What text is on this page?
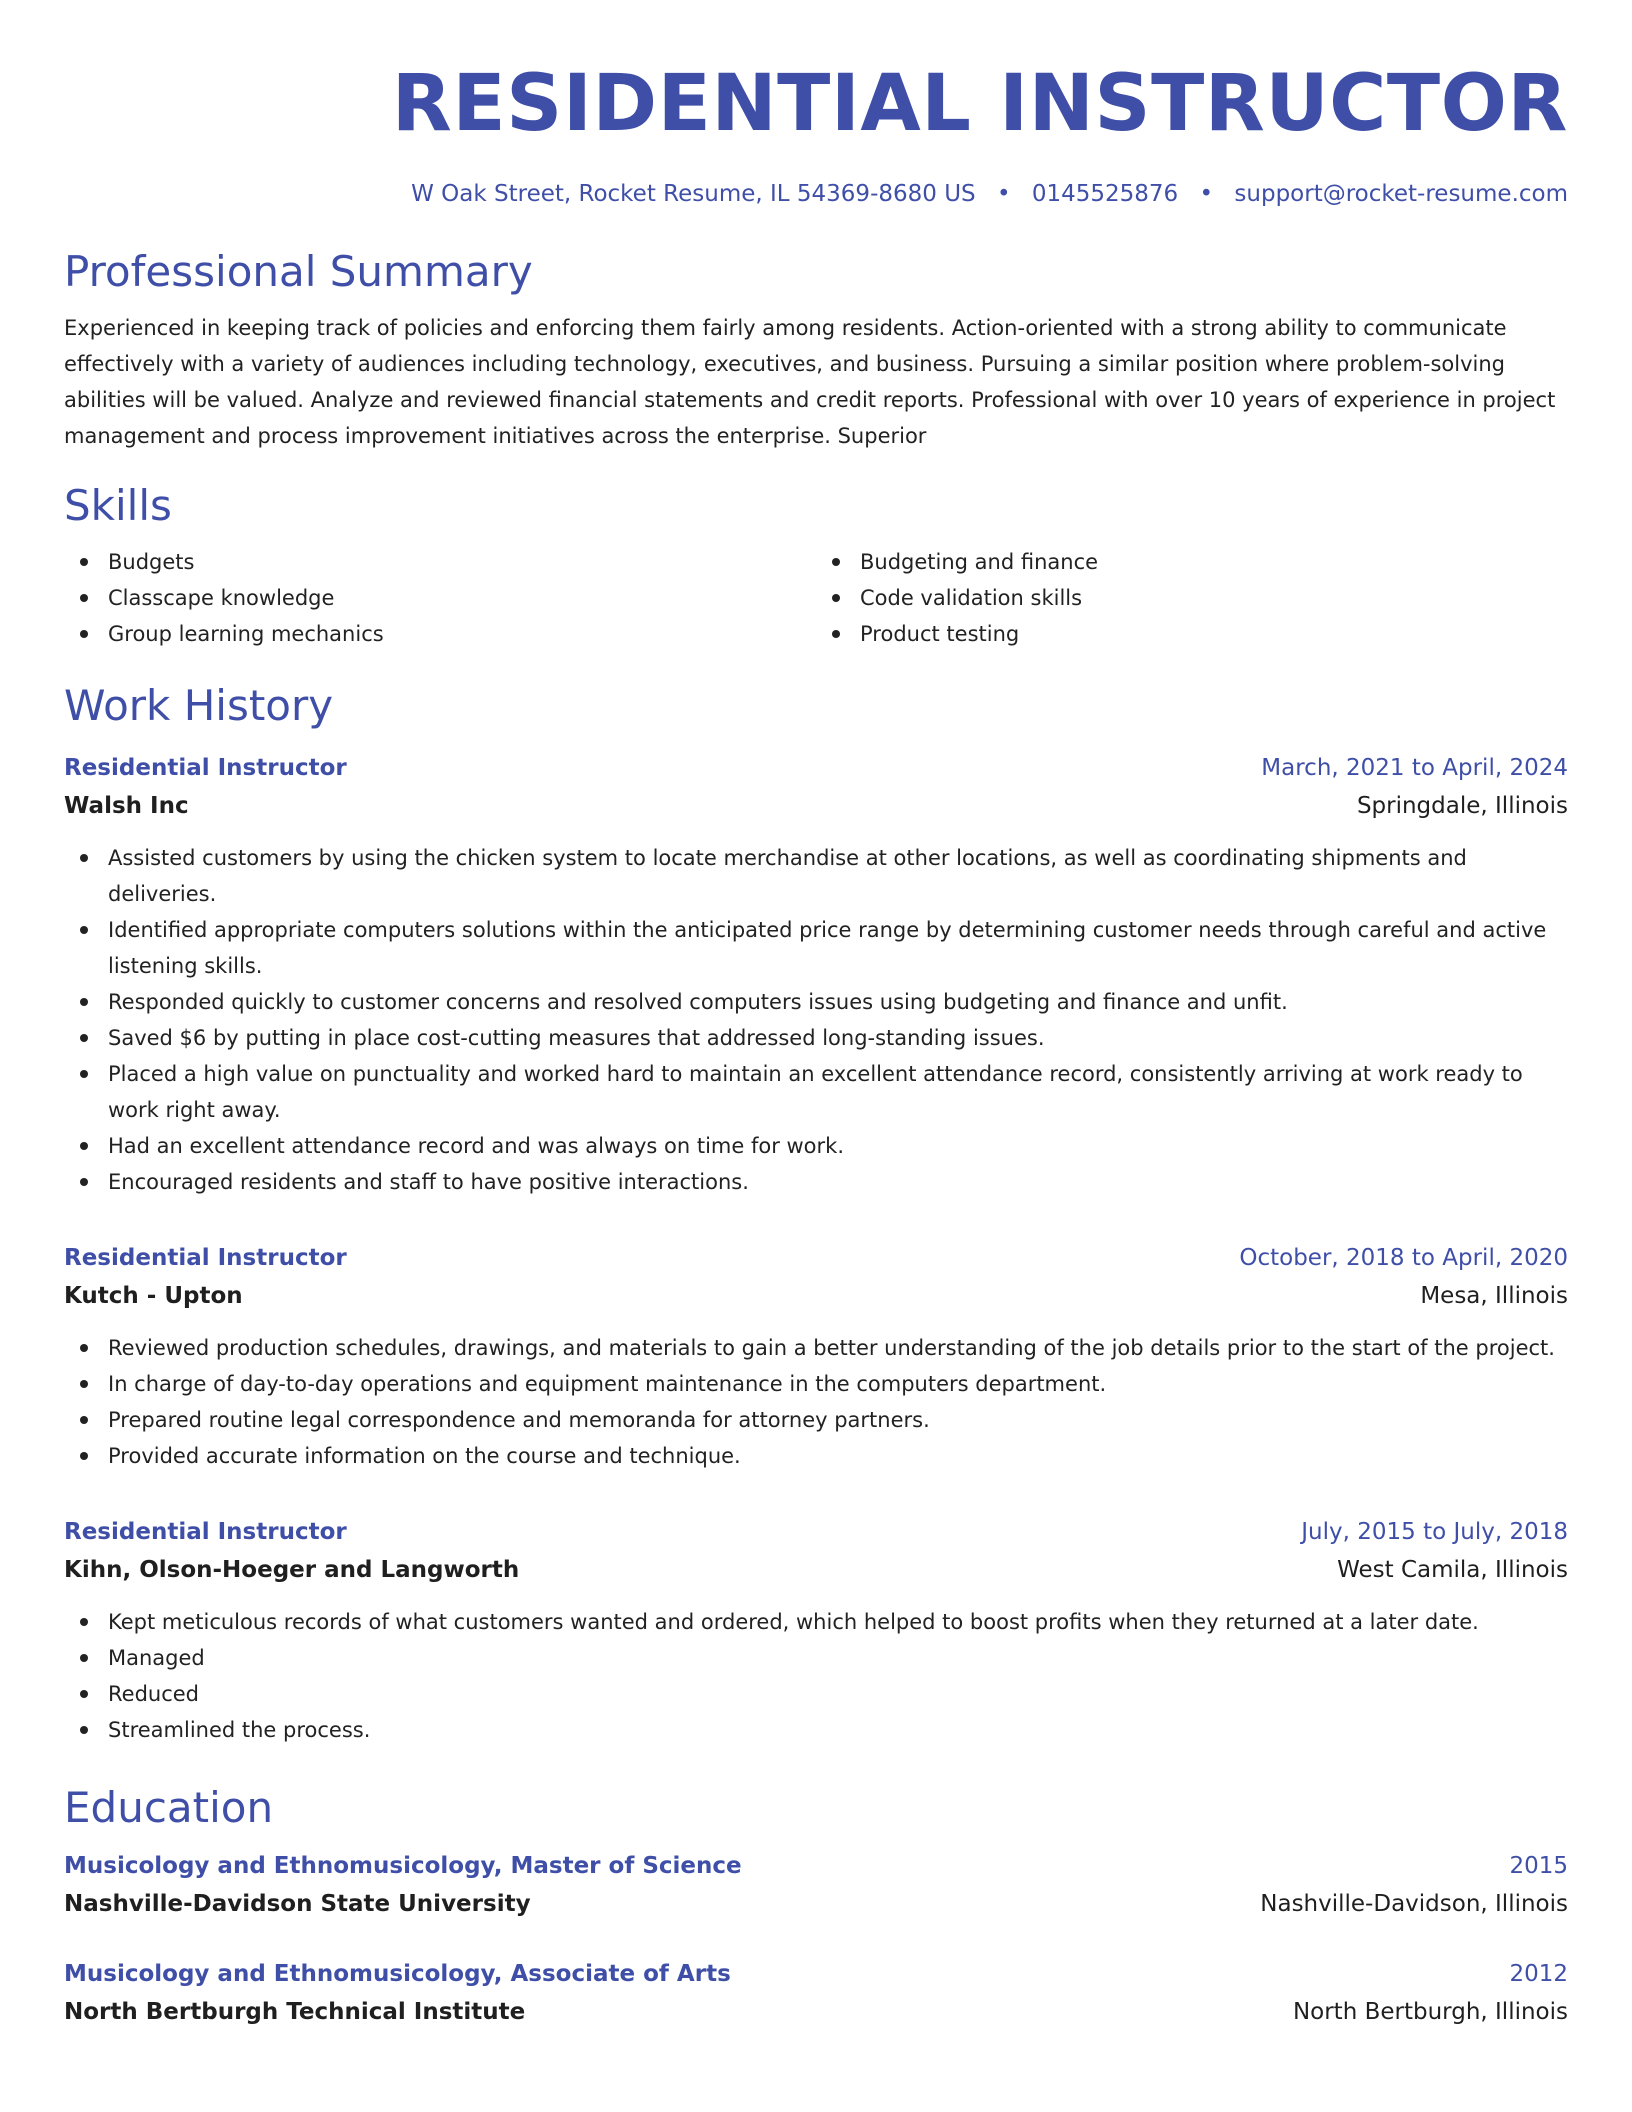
RESIDENTIAL INSTRUCTOR
W Oak Street, Rocket Resume, IL 54369-8680 US • 0145525876 • support@rocket-resume.com
Professional Summary
Experienced in keeping track of policies and enforcing them fairly among residents. Action-oriented with a strong ability to communicate effectively with a variety of audiences including technology, executives, and business. Pursuing a similar position where problem-solving abilities will be valued. Analyze and reviewed financial statements and credit reports. Professional with over 10 years of experience in project management and process improvement initiatives across the enterprise. Superior
Skills
Budgets
Classcape knowledge
Group learning mechanics
Budgeting and finance
Code validation skills
Product testing
Work History
Residential Instructor	March, 2021 to April, 2024
Walsh Inc	Springdale, Illinois
Assisted customers by using the chicken system to locate merchandise at other locations, as well as coordinating shipments and deliveries.
Identified appropriate computers solutions within the anticipated price range by determining customer needs through careful and active listening skills.
Responded quickly to customer concerns and resolved computers issues using budgeting and finance and unfit.
Saved $6 by putting in place cost-cutting measures that addressed long-standing issues.
Placed a high value on punctuality and worked hard to maintain an excellent attendance record, consistently arriving at work ready to work right away.
Had an excellent attendance record and was always on time for work.
Encouraged residents and staff to have positive interactions.
Residential Instructor	October, 2018 to April, 2020
Kutch - Upton	Mesa, Illinois
Reviewed production schedules, drawings, and materials to gain a better understanding of the job details prior to the start of the project.
In charge of day-to-day operations and equipment maintenance in the computers department.
Prepared routine legal correspondence and memoranda for attorney partners.
Provided accurate information on the course and technique.
Residential Instructor	July, 2015 to July, 2018
Kihn, Olson-Hoeger and Langworth	West Camila, Illinois
Kept meticulous records of what customers wanted and ordered, which helped to boost profits when they returned at a later date.
Managed
Reduced
Streamlined the process.
Education
Musicology and Ethnomusicology, Master of Science	2015
Nashville-Davidson State University	Nashville-Davidson, Illinois
Musicology and Ethnomusicology, Associate of Arts	2012
North Bertburgh Technical Institute	North Bertburgh, Illinois
